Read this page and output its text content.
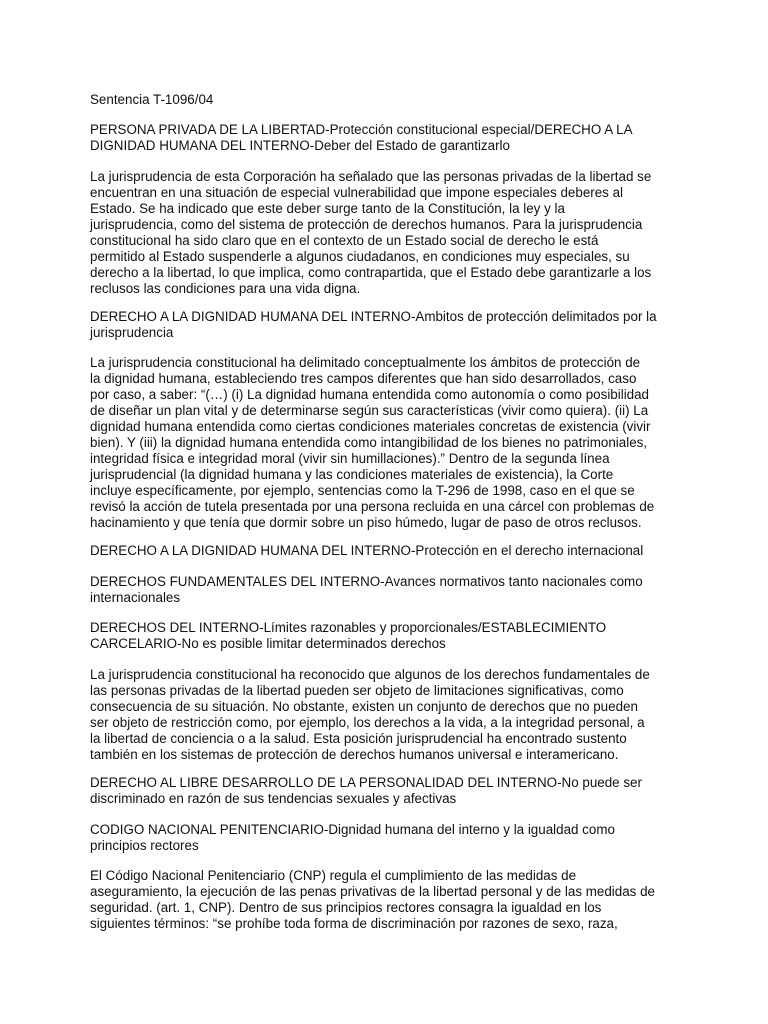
Sentencia T-1096/04
PERSONA PRIVADA DE LA LIBERTAD-Protección constitucional especial/DERECHO A LA
DIGNIDAD HUMANA DEL INTERNO-Deber del Estado de garantizarlo
La jurisprudencia de esta Corporación ha señalado que las personas privadas de la libertad se
encuentran en una situación de especial vulnerabilidad que impone especiales deberes al
Estado. Se ha indicado que este deber surge tanto de la Constitución, la ley y la
jurisprudencia, como del sistema de protección de derechos humanos. Para la jurisprudencia
constitucional ha sido claro que en el contexto de un Estado social de derecho le está
permitido al Estado suspenderle a algunos ciudadanos, en condiciones muy especiales, su
derecho a la libertad, lo que implica, como contrapartida, que el Estado debe garantizarle a los
reclusos las condiciones para una vida digna.
DERECHO A LA DIGNIDAD HUMANA DEL INTERNO-Ambitos de protección delimitados por la
jurisprudencia
La jurisprudencia constitucional ha delimitado conceptualmente los ámbitos de protección de
la dignidad humana, estableciendo tres campos diferentes que han sido desarrollados, caso
por caso, a saber: “(…) (i) La dignidad humana entendida como autonomía o como posibilidad
de diseñar un plan vital y de determinarse según sus características (vivir como quiera). (ii) La
dignidad humana entendida como ciertas condiciones materiales concretas de existencia (vivir
bien). Y (iii) la dignidad humana entendida como intangibilidad de los bienes no patrimoniales,
integridad física e integridad moral (vivir sin humillaciones).” Dentro de la segunda línea
jurisprudencial (la dignidad humana y las condiciones materiales de existencia), la Corte
incluye específicamente, por ejemplo, sentencias como la T-296 de 1998, caso en el que se
revisó la acción de tutela presentada por una persona recluida en una cárcel con problemas de
hacinamiento y que tenía que dormir sobre un piso húmedo, lugar de paso de otros reclusos.
DERECHO A LA DIGNIDAD HUMANA DEL INTERNO-Protección en el derecho internacional
DERECHOS FUNDAMENTALES DEL INTERNO-Avances normativos tanto nacionales como
internacionales
DERECHOS DEL INTERNO-Límites razonables y proporcionales/ESTABLECIMIENTO
CARCELARIO-No es posible limitar determinados derechos
La jurisprudencia constitucional ha reconocido que algunos de los derechos fundamentales de
las personas privadas de la libertad pueden ser objeto de limitaciones significativas, como
consecuencia de su situación. No obstante, existen un conjunto de derechos que no pueden
ser objeto de restricción como, por ejemplo, los derechos a la vida, a la integridad personal, a
la libertad de conciencia o a la salud. Esta posición jurisprudencial ha encontrado sustento
también en los sistemas de protección de derechos humanos universal e interamericano.
DERECHO AL LIBRE DESARROLLO DE LA PERSONALIDAD DEL INTERNO-No puede ser
discriminado en razón de sus tendencias sexuales y afectivas
CODIGO NACIONAL PENITENCIARIO-Dignidad humana del interno y la igualdad como
principios rectores
El Código Nacional Penitenciario (CNP) regula el cumplimiento de las medidas de
aseguramiento, la ejecución de las penas privativas de la libertad personal y de las medidas de
seguridad. (art. 1, CNP). Dentro de sus principios rectores consagra la igualdad en los
siguientes términos: “se prohíbe toda forma de discriminación por razones de sexo, raza,
